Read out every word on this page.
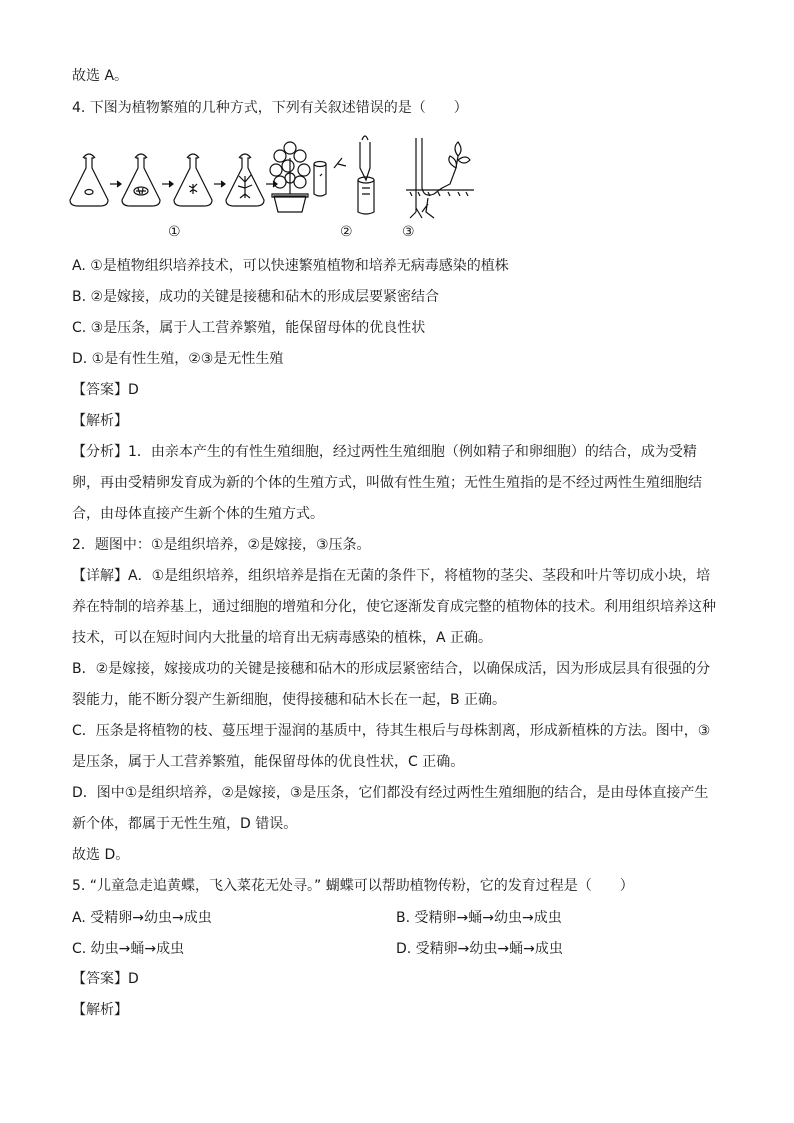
故选 A。
4. 下图为植物繁殖的几种方式，下列有关叙述错误的是（　　）
①	②	③
A. ①是植物组织培养技术，可以快速繁殖植物和培养无病毒感染的植株
B. ②是嫁接，成功的关键是接穗和砧木的形成层要紧密结合
C. ③是压条，属于人工营养繁殖，能保留母体的优良性状
D. ①是有性生殖，②③是无性生殖
【答案】D
【解析】
【分析】1．由亲本产生的有性生殖细胞，经过两性生殖细胞（例如精子和卵细胞）的结合，成为受精
卵，再由受精卵发育成为新的个体的生殖方式，叫做有性生殖；无性生殖指的是不经过两性生殖细胞结
合，由母体直接产生新个体的生殖方式。
2．题图中：①是组织培养，②是嫁接，③压条。
【详解】A．①是组织培养，组织培养是指在无菌的条件下，将植物的茎尖、茎段和叶片等切成小块，培
养在特制的培养基上，通过细胞的增殖和分化，使它逐渐发育成完整的植物体的技术。利用组织培养这种
技术，可以在短时间内大批量的培育出无病毒感染的植株，A 正确。
B．②是嫁接，嫁接成功的关键是接穗和砧木的形成层紧密结合，以确保成活，因为形成层具有很强的分
裂能力，能不断分裂产生新细胞，使得接穗和砧木长在一起，B 正确。
C．压条是将植物的枝、蔓压埋于湿润的基质中，待其生根后与母株割离，形成新植株的方法。图中，③
是压条，属于人工营养繁殖，能保留母体的优良性状，C 正确。
D．图中①是组织培养，②是嫁接，③是压条，它们都没有经过两性生殖细胞的结合，是由母体直接产生
新个体，都属于无性生殖，D 错误。
故选 D。
5. “儿童急走追黄蝶，飞入菜花无处寻。” 蝴蝶可以帮助植物传粉，它的发育过程是（　　）
A. 受精卵→幼虫→成虫	B. 受精卵→蛹→幼虫→成虫
C. 幼虫→蛹→成虫	D. 受精卵→幼虫→蛹→成虫
【答案】D
【解析】
